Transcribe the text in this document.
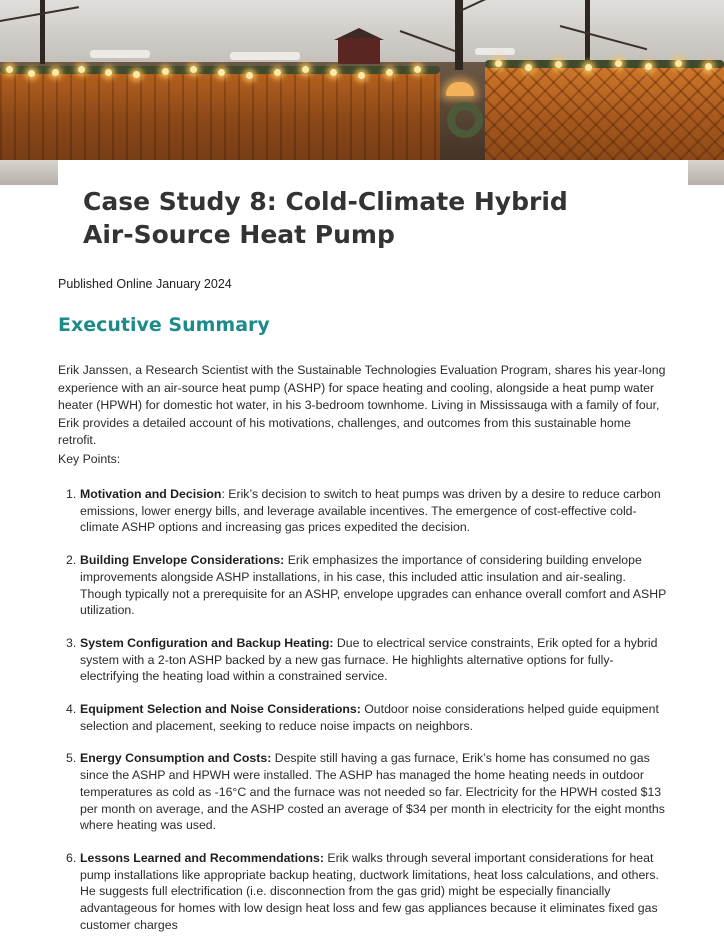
Case Study 8: Cold-Climate Hybrid Air-Source Heat Pump

Published Online January 2024

Executive Summary

Erik Janssen, a Research Scientist with the Sustainable Technologies Evaluation Program, shares his year-long experience with an air-source heat pump (ASHP) for space heating and cooling, alongside a heat pump water heater (HPWH) for domestic hot water, in his 3-bedroom townhome. Living in Mississauga with a family of four, Erik provides a detailed account of his motivations, challenges, and outcomes from this sustainable home retrofit.

Key Points:

1. Motivation and Decision: Erik’s decision to switch to heat pumps was driven by a desire to reduce carbon emissions, lower energy bills, and leverage available incentives. The emergence of cost-effective cold-climate ASHP options and increasing gas prices expedited the decision.
2. Building Envelope Considerations: Erik emphasizes the importance of considering building envelope improvements alongside ASHP installations, in his case, this included attic insulation and air-sealing. Though typically not a prerequisite for an ASHP, envelope upgrades can enhance overall comfort and ASHP utilization.
3. System Configuration and Backup Heating: Due to electrical service constraints, Erik opted for a hybrid system with a 2-ton ASHP backed by a new gas furnace. He highlights alternative options for fully-electrifying the heating load within a constrained service.
4. Equipment Selection and Noise Considerations: Outdoor noise considerations helped guide equipment selection and placement, seeking to reduce noise impacts on neighbors.
5. Energy Consumption and Costs: Despite still having a gas furnace, Erik’s home has consumed no gas since the ASHP and HPWH were installed. The ASHP has managed the home heating needs in outdoor temperatures as cold as -16°C and the furnace was not needed so far. Electricity for the HPWH costed $13 per month on average, and the ASHP costed an average of $34 per month in electricity for the eight months where heating was used.
6. Lessons Learned and Recommendations: Erik walks through several important considerations for heat pump installations like appropriate backup heating, ductwork limitations, heat loss calculations, and others. He suggests full electrification (i.e. disconnection from the gas grid) might be especially financially advantageous for homes with low design heat loss and few gas appliances because it eliminates fixed gas customer charges
